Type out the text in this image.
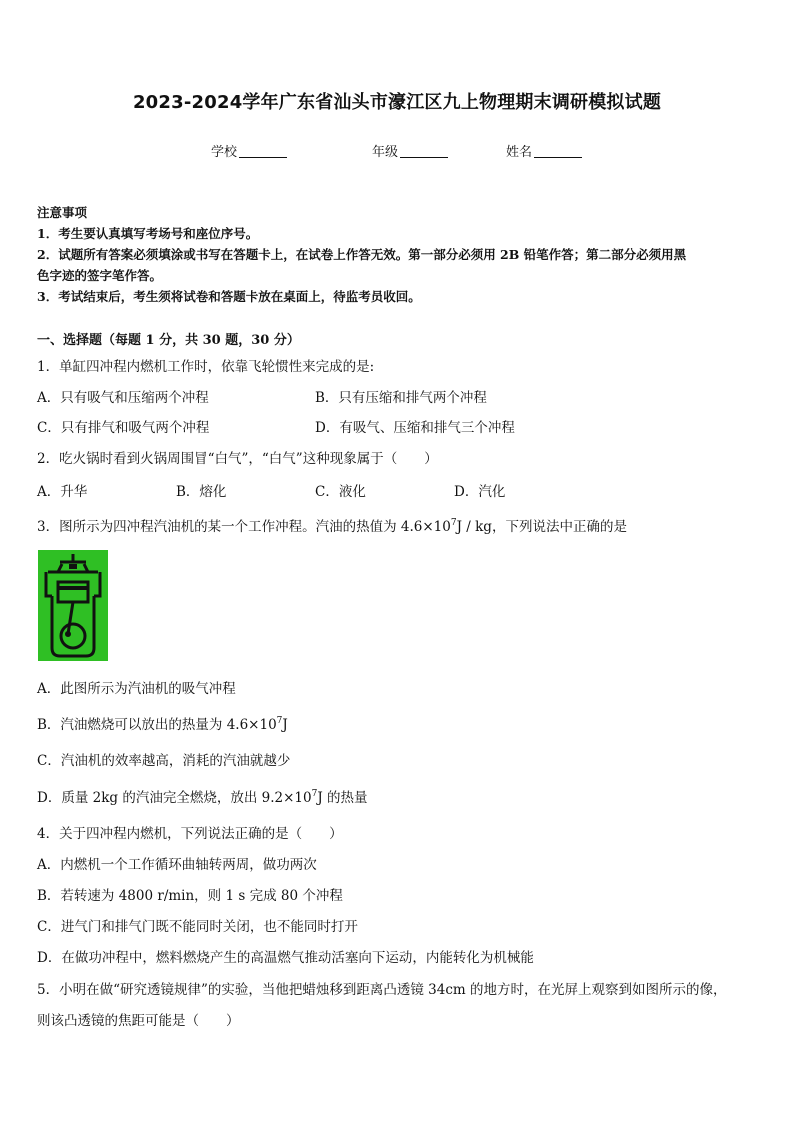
2023-2024学年广东省汕头市濠江区九上物理期末调研模拟试题
学校	年级	姓名
注意事项
1．考生要认真填写考场号和座位序号。
2．试题所有答案必须填涂或书写在答题卡上，在试卷上作答无效。第一部分必须用 2B 铅笔作答；第二部分必须用黑
色字迹的签字笔作答。
3．考试结束后，考生须将试卷和答题卡放在桌面上，待监考员收回。
一、选择题（每题 1 分，共 30 题，30 分）
1．单缸四冲程内燃机工作时，依靠飞轮惯性来完成的是:
A．只有吸气和压缩两个冲程	B．只有压缩和排气两个冲程
C．只有排气和吸气两个冲程	D．有吸气、压缩和排气三个冲程
2．吃火锅时看到火锅周围冒“白气”，“白气”这种现象属于（　　）
A．升华	B．熔化	C．液化	D．汽化
3．图所示为四冲程汽油机的某一个工作冲程。汽油的热值为 $4.6\times 10^7J$ / kg，下列说法中正确的是
A．此图所示为汽油机的吸气冲程
B．汽油燃烧可以放出的热量为 $4.6\times 10^7J$
C．汽油机的效率越高，消耗的汽油就越少
D．质量 2kg 的汽油完全燃烧，放出 $9.2\times 10^7J$ 的热量
4．关于四冲程内燃机，下列说法正确的是（　　）
A．内燃机一个工作循环曲轴转两周，做功两次
B．若转速为 4800 r/min，则 1 s 完成 80 个冲程
C．进气门和排气门既不能同时关闭，也不能同时打开
D．在做功冲程中，燃料燃烧产生的高温燃气推动活塞向下运动，内能转化为机械能
5．小明在做“研究透镜规律”的实验，当他把蜡烛移到距离凸透镜 34cm 的地方时，在光屏上观察到如图所示的像，
则该凸透镜的焦距可能是（　　）
